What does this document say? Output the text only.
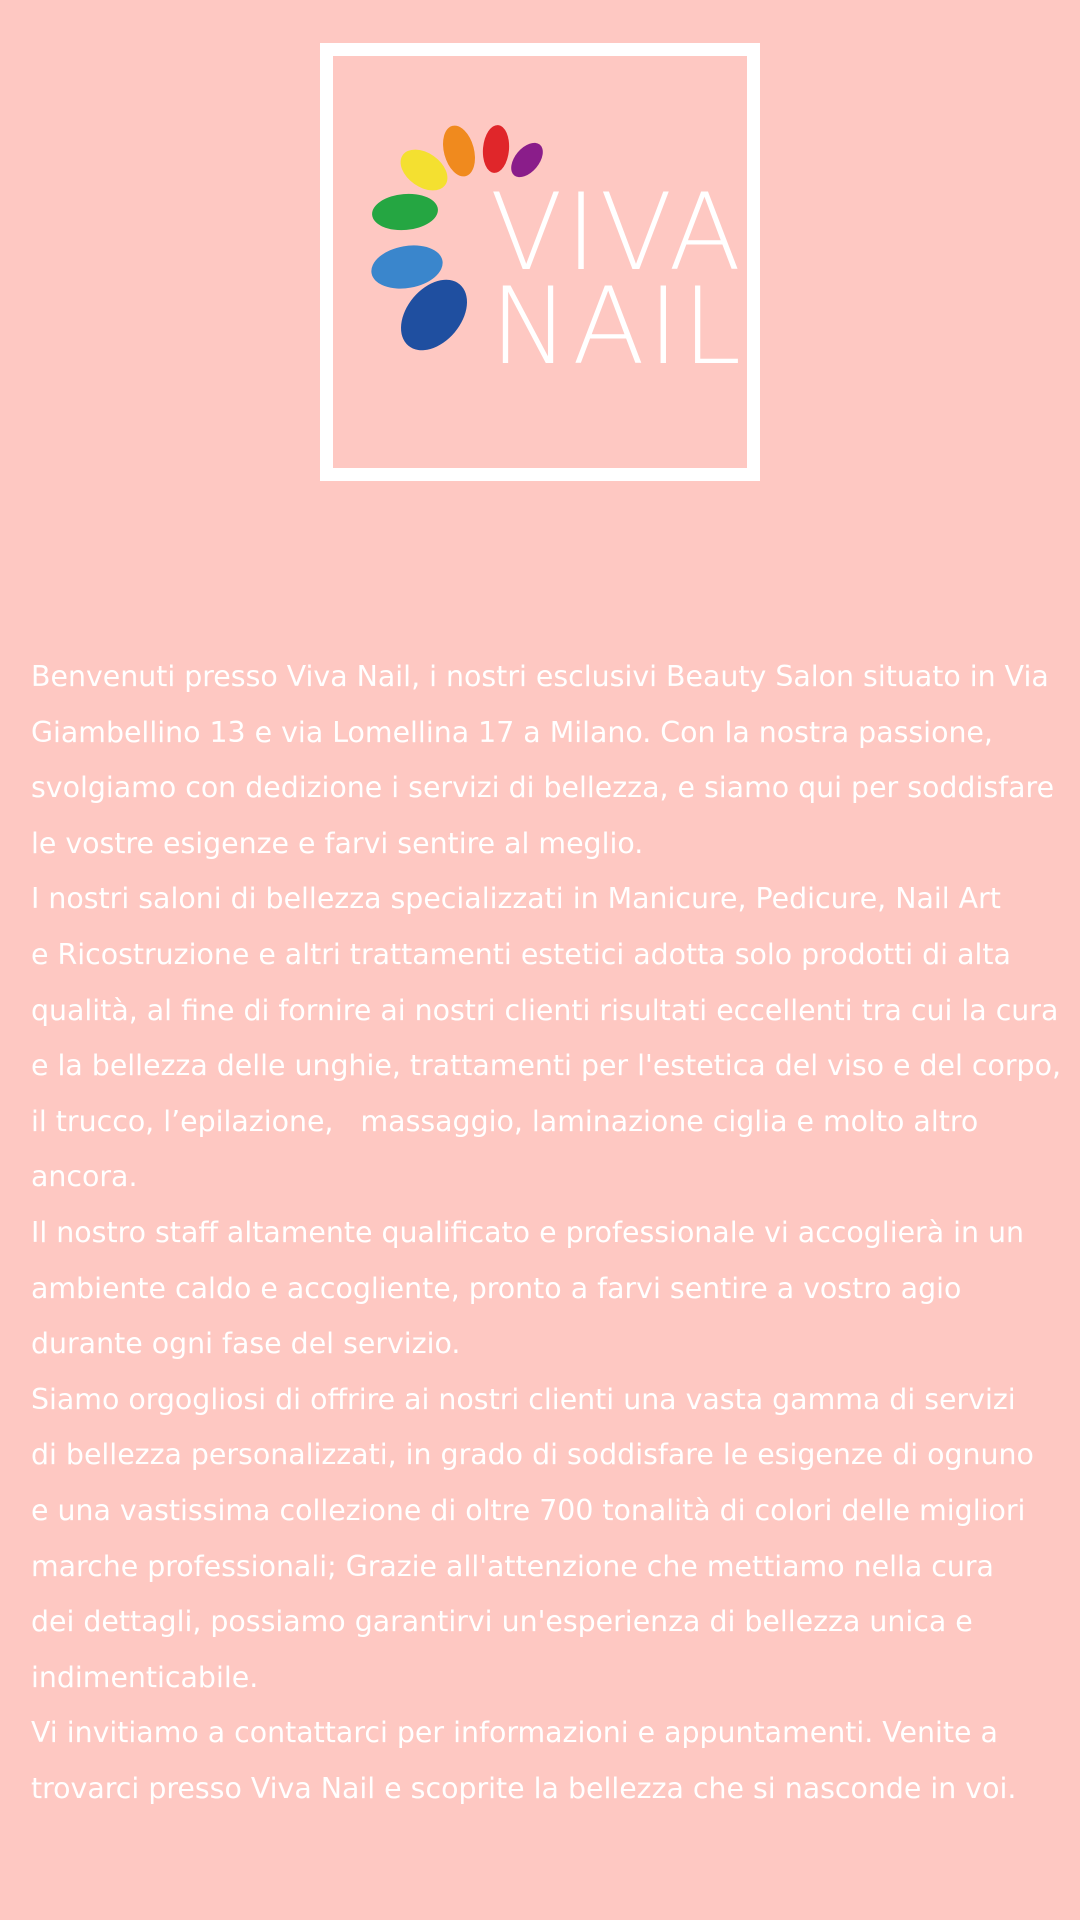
VIVA
NAIL

Benvenuti presso Viva Nail, i nostri esclusivi Beauty Salon situato in Via

Giambellino 13 e via Lomellina 17 a Milano. Con la nostra passione,

svolgiamo con dedizione i servizi di bellezza, e siamo qui per soddisfare

le vostre esigenze e farvi sentire al meglio.

I nostri saloni di bellezza specializzati in Manicure, Pedicure, Nail Art

e Ricostruzione e altri trattamenti estetici adotta solo prodotti di alta

qualità, al fine di fornire ai nostri clienti risultati eccellenti tra cui la cura

e la bellezza delle unghie, trattamenti per l'estetica del viso e del corpo,

il trucco, l’epilazione,   massaggio, laminazione ciglia e molto altro

ancora.

Il nostro staff altamente qualificato e professionale vi accoglierà in un

ambiente caldo e accogliente, pronto a farvi sentire a vostro agio

durante ogni fase del servizio.

Siamo orgogliosi di offrire ai nostri clienti una vasta gamma di servizi

di bellezza personalizzati, in grado di soddisfare le esigenze di ognuno

e una vastissima collezione di oltre 700 tonalità di colori delle migliori

marche professionali; Grazie all'attenzione che mettiamo nella cura

dei dettagli, possiamo garantirvi un'esperienza di bellezza unica e

indimenticabile.

Vi invitiamo a contattarci per informazioni e appuntamenti. Venite a

trovarci presso Viva Nail e scoprite la bellezza che si nasconde in voi.
